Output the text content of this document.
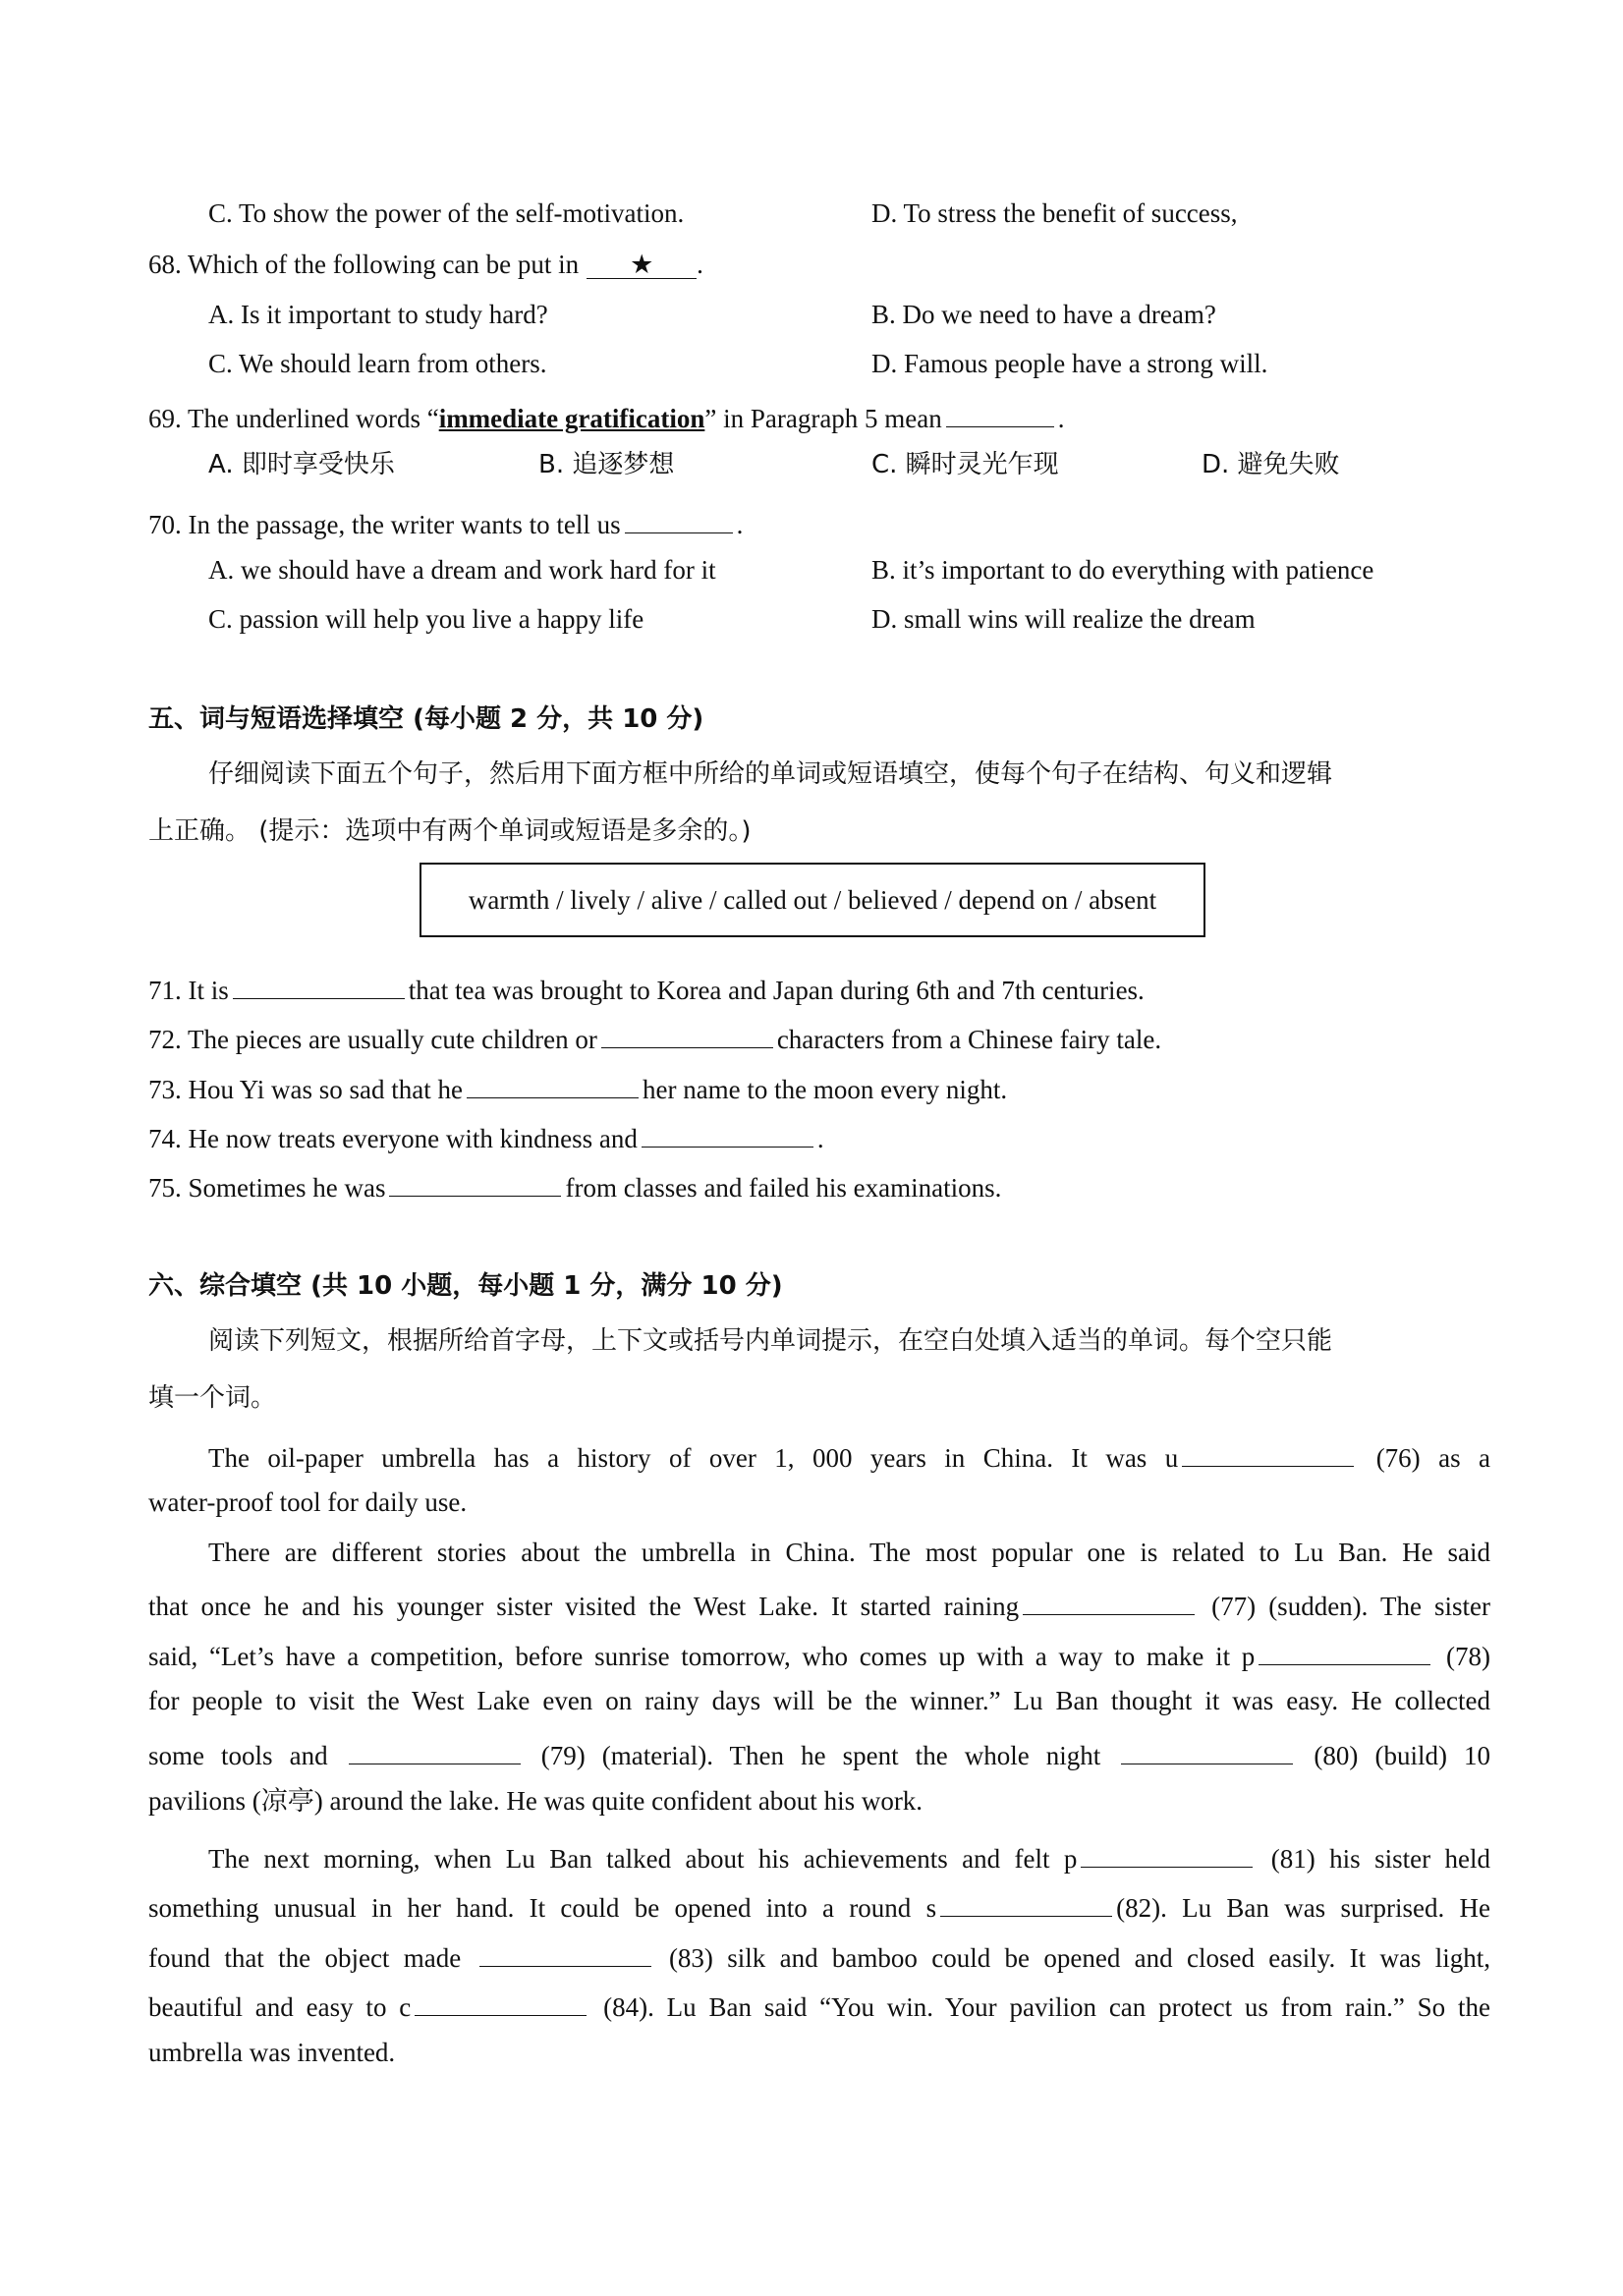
C. To show the power of the self-motivation.	D. To stress the benefit of success,
68. Which of the following can be put in ★ .
A. Is it important to study hard?	B. Do we need to have a dream?
C. We should learn from others.	D. Famous people have a strong will.
69. The underlined words “immediate gratification” in Paragraph 5 mean	.
A. 即时享受快乐	B. 追逐梦想	C. 瞬时灵光乍现	D. 避免失败
70. In the passage, the writer wants to tell us	.
A. we should have a dream and work hard for it	B. it’s important to do everything with patience
C. passion will help you live a happy life	D. small wins will realize the dream
五、词与短语选择填空 (每小题 2 分，共 10 分)
仔细阅读下面五个句子，然后用下面方框中所给的单词或短语填空，使每个句子在结构、句义和逻辑
上正确。 (提示：选项中有两个单词或短语是多余的。)
warmth / lively / alive / called out / believed / depend on / absent
71. It is	that tea was brought to Korea and Japan during 6th and 7th centuries.
72. The pieces are usually cute children or	characters from a Chinese fairy tale.
73. Hou Yi was so sad that he	her name to the moon every night.
74. He now treats everyone with kindness and	.
75. Sometimes he was	from classes and failed his examinations.
六、综合填空 (共 10 小题，每小题 1 分，满分 10 分)
阅读下列短文，根据所给首字母，上下文或括号内单词提示，在空白处填入适当的单词。每个空只能
填一个词。
The oil-paper umbrella has a history of over 1, 000 years in China. It was u	(76) as a
water-proof tool for daily use.
There are different stories about the umbrella in China. The most popular one is related to Lu Ban. He said
that once he and his younger sister visited the West Lake. It started raining	(77) (sudden). The sister
said, “Let’s have a competition, before sunrise tomorrow, who comes up with a way to make it p	(78)
for people to visit the West Lake even on rainy days will be the winner.” Lu Ban thought it was easy. He collected
some tools and	(79) (material). Then he spent the whole night	(80) (build) 10
pavilions (凉亭) around the lake. He was quite confident about his work.
The next morning, when Lu Ban talked about his achievements and felt p	(81) his sister held
something unusual in her hand. It could be opened into a round s	(82). Lu Ban was surprised. He
found that the object made	(83) silk and bamboo could be opened and closed easily. It was light,
beautiful and easy to c	(84). Lu Ban said “You win. Your pavilion can protect us from rain.” So the
umbrella was invented.
